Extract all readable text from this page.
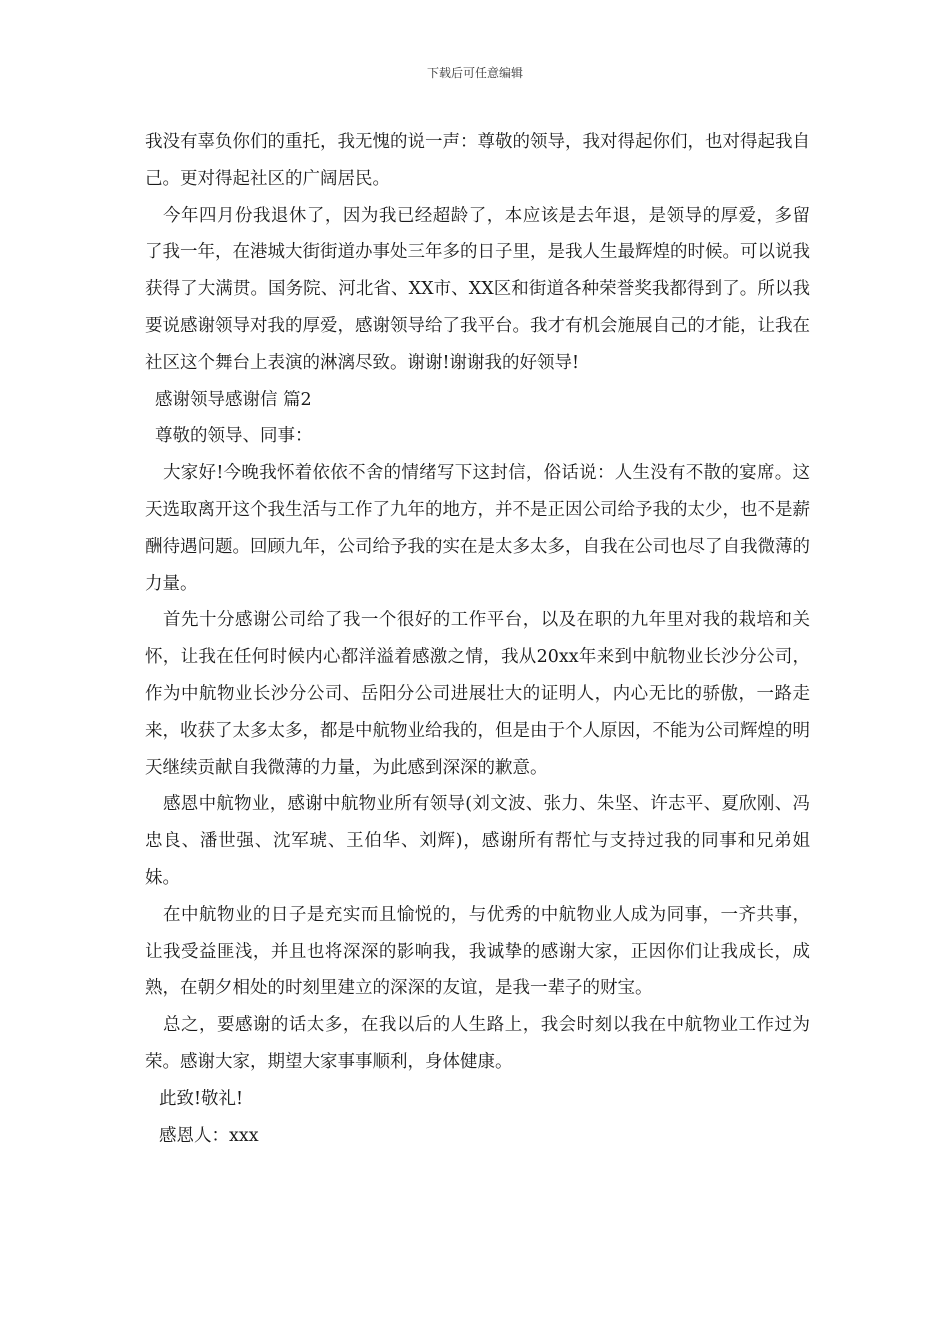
下载后可任意编辑

我没有辜负你们的重托，我无愧的说一声：尊敬的领导，我对得起你们，也对得起我自己。更对得起社区的广阔居民。

今年四月份我退休了，因为我已经超龄了，本应该是去年退，是领导的厚爱，多留了我一年，在港城大街街道办事处三年多的日子里，是我人生最辉煌的时候。可以说我获得了大满贯。国务院、河北省、XX市、XX区和街道各种荣誉奖我都得到了。所以我要说感谢领导对我的厚爱，感谢领导给了我平台。我才有机会施展自己的才能，让我在社区这个舞台上表演的淋漓尽致。谢谢!谢谢我的好领导!

感谢领导感谢信 篇2

尊敬的领导、同事：

大家好!今晚我怀着依依不舍的情绪写下这封信，俗话说：人生没有不散的宴席。这天选取离开这个我生活与工作了九年的地方，并不是正因公司给予我的太少，也不是薪酬待遇问题。回顾九年，公司给予我的实在是太多太多，自我在公司也尽了自我微薄的力量。

首先十分感谢公司给了我一个很好的工作平台，以及在职的九年里对我的栽培和关怀，让我在任何时候内心都洋溢着感激之情，我从20xx年来到中航物业长沙分公司，作为中航物业长沙分公司、岳阳分公司进展壮大的证明人，内心无比的骄傲，一路走来，收获了太多太多，都是中航物业给我的，但是由于个人原因，不能为公司辉煌的明天继续贡献自我微薄的力量，为此感到深深的歉意。

感恩中航物业，感谢中航物业所有领导(刘文波、张力、朱坚、许志平、夏欣刚、冯忠良、潘世强、沈军琥、王伯华、刘辉)，感谢所有帮忙与支持过我的同事和兄弟姐妹。

在中航物业的日子是充实而且愉悦的，与优秀的中航物业人成为同事，一齐共事，让我受益匪浅，并且也将深深的影响我，我诚挚的感谢大家，正因你们让我成长，成熟，在朝夕相处的时刻里建立的深深的友谊，是我一辈子的财宝。

总之，要感谢的话太多，在我以后的人生路上，我会时刻以我在中航物业工作过为荣。感谢大家，期望大家事事顺利，身体健康。

此致!敬礼!

感恩人：xxx
